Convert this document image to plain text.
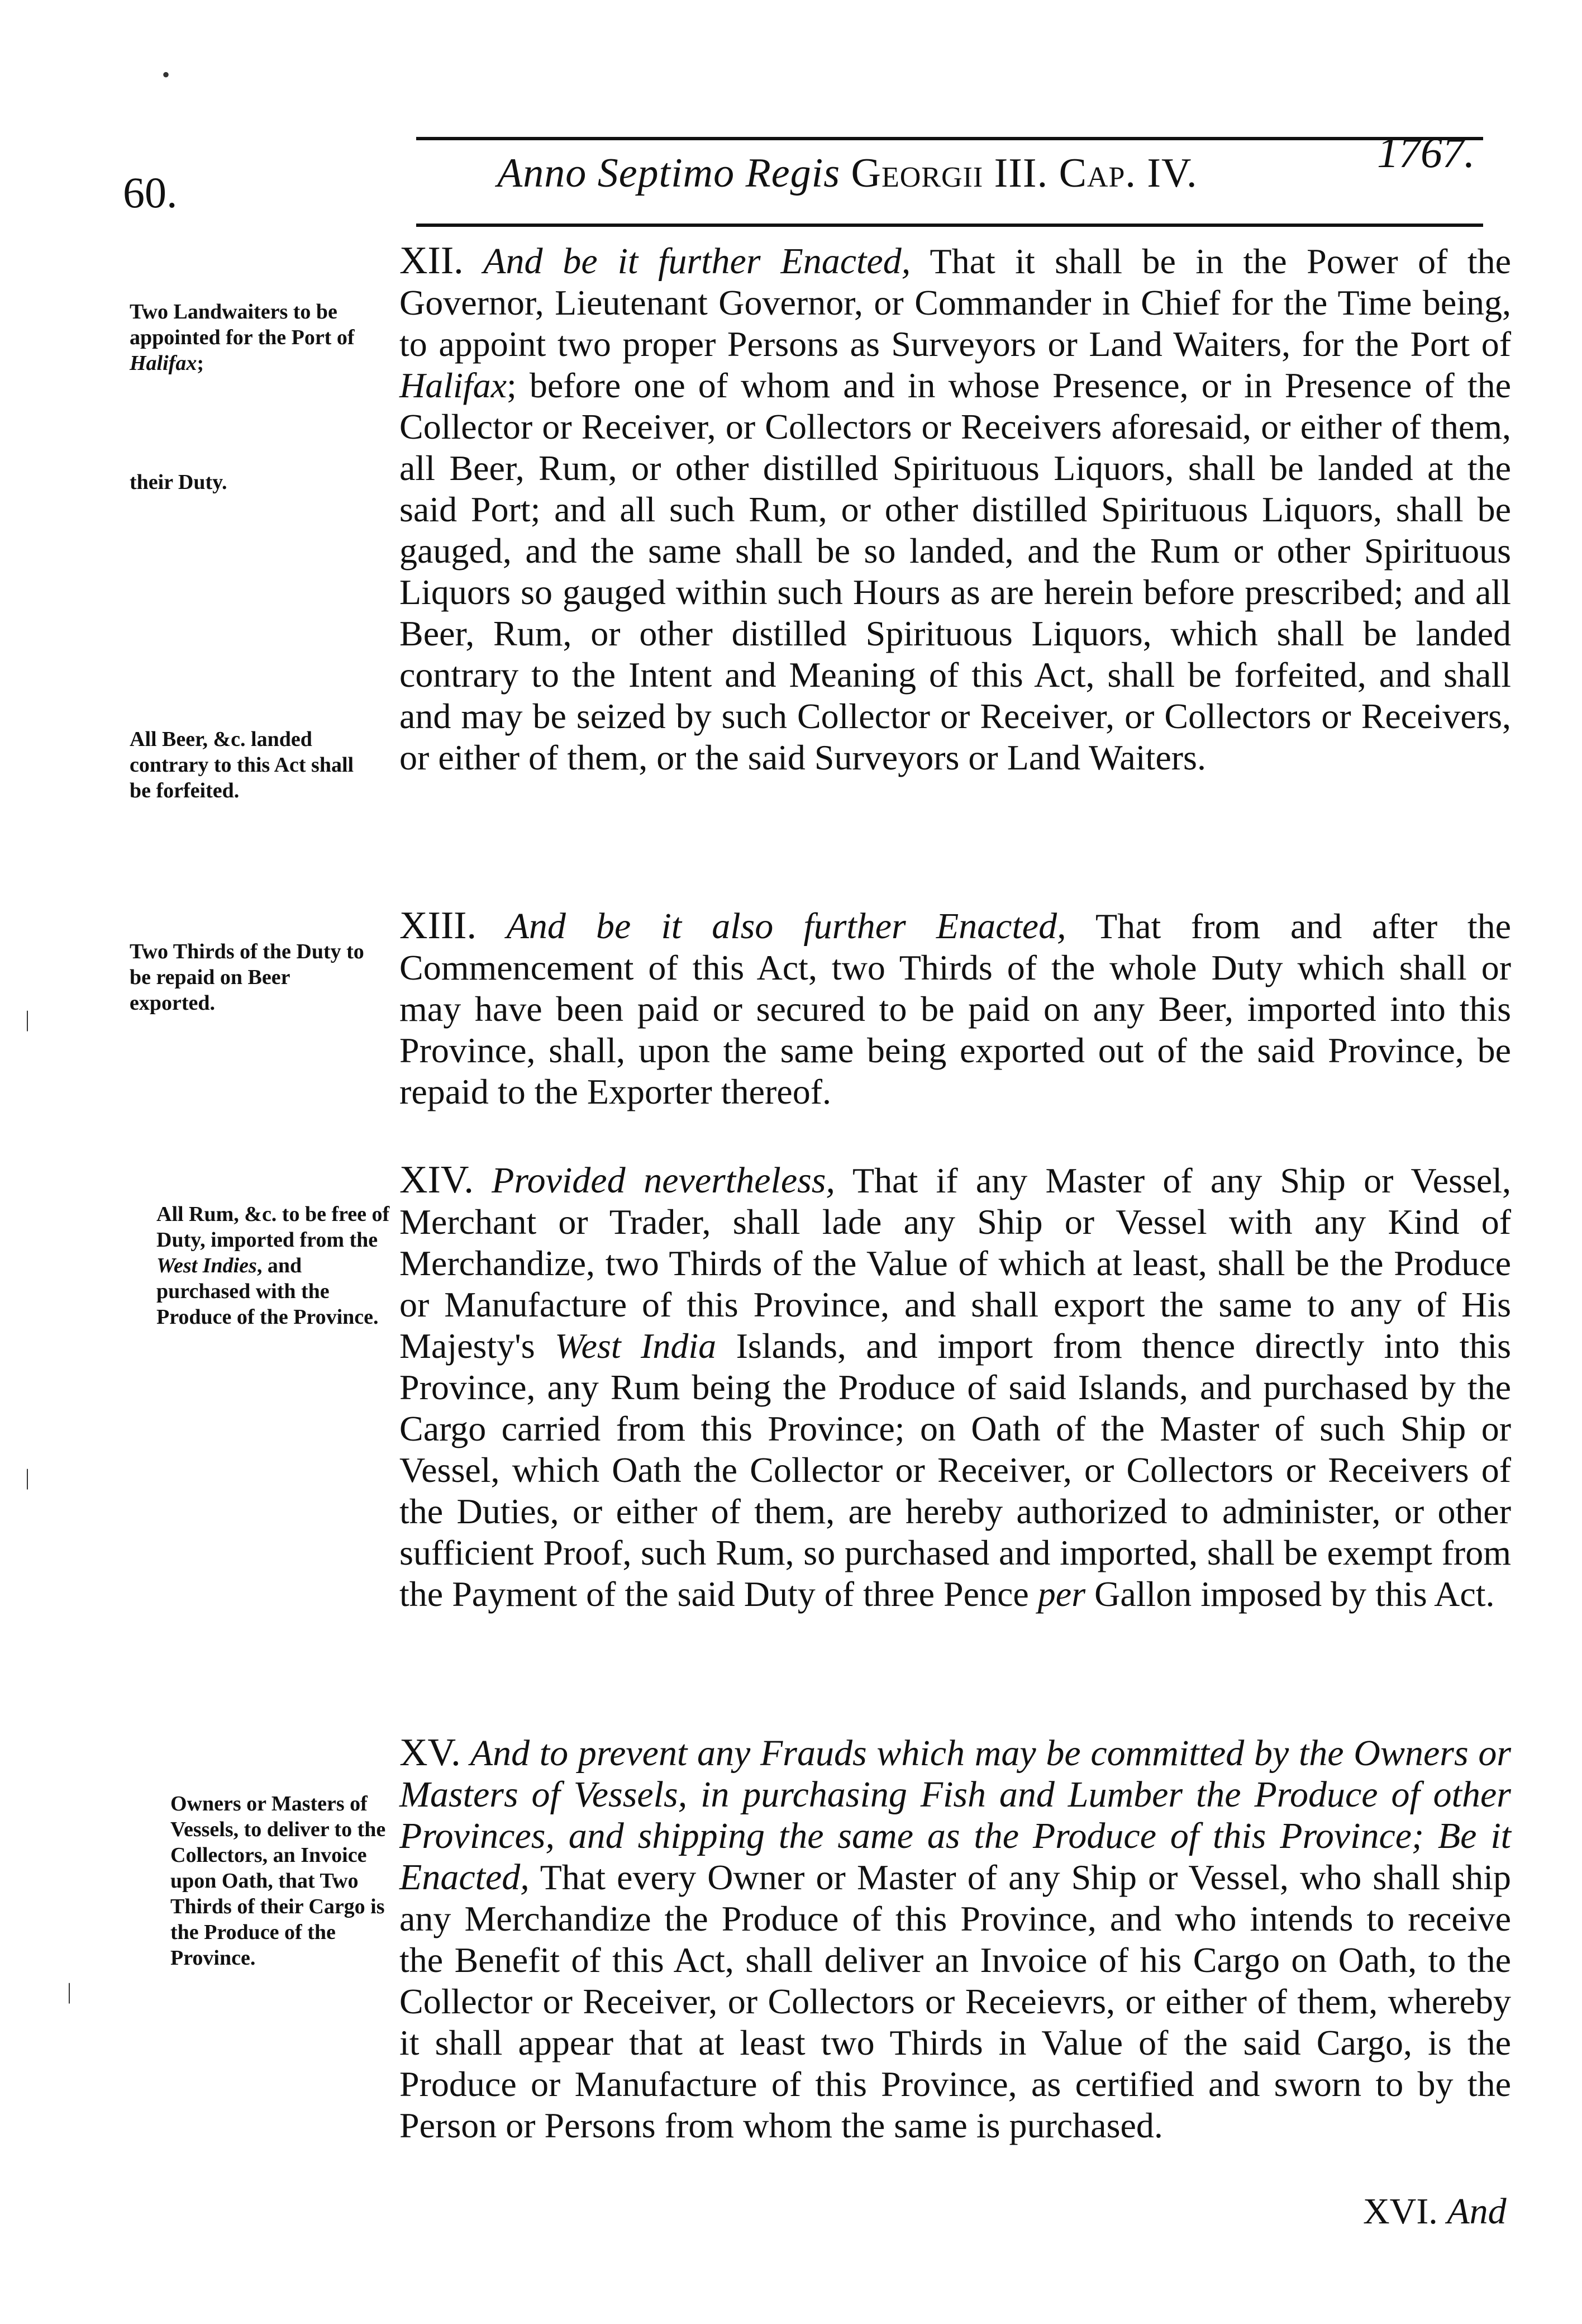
60.	Anno Septimo Regis Georgii III. Cap. IV.	1767.
•
|
|
|
Two Landwaiters to be appointed for the Port of Halifax;
their Duty.
All Beer, &c. landed contrary to this Act shall be forfeited.
Two Thirds of the Duty to be repaid on Beer exported.
All Rum, &c. to be free of Duty, imported from the West Indies, and purchased with the Produce of the Province.
Owners or Masters of Vessels, to deliver to the Collectors, an Invoice upon Oath, that Two Thirds of their Cargo is the Produce of the Province.
XII. And be it further Enacted, That it shall be in the Power of the Governor, Lieutenant Governor, or Commander in Chief for the Time being, to appoint two proper Persons as Surveyors or Land Waiters, for the Port of Halifax; before one of whom and in whose Presence, or in Presence of the Collector or Receiver, or Collectors or Receivers aforesaid, or either of them, all Beer, Rum, or other distilled Spirituous Liquors, shall be landed at the said Port; and all such Rum, or other distilled Spirituous Liquors, shall be gauged, and the same shall be so landed, and the Rum or other Spirituous Liquors so gauged within such Hours as are herein before prescribed; and all Beer, Rum, or other distilled Spirituous Liquors, which shall be landed contrary to the Intent and Meaning of this Act, shall be forfeited, and shall and may be seized by such Collector or Receiver, or Collectors or Receivers, or either of them, or the said Surveyors or Land Waiters.
XIII. And be it also further Enacted, That from and after the Commencement of this Act, two Thirds of the whole Duty which shall or may have been paid or secured to be paid on any Beer, imported into this Province, shall, upon the same being exported out of the said Province, be repaid to the Exporter thereof.
XIV. Provided nevertheless, That if any Master of any Ship or Vessel, Merchant or Trader, shall lade any Ship or Vessel with any Kind of Merchandize, two Thirds of the Value of which at least, shall be the Produce or Manufacture of this Province, and shall export the same to any of His Majesty's West India Islands, and import from thence directly into this Province, any Rum being the Produce of said Islands, and purchased by the Cargo carried from this Province; on Oath of the Master of such Ship or Vessel, which Oath the Collector or Receiver, or Collectors or Receivers of the Duties, or either of them, are hereby authorized to administer, or other sufficient Proof, such Rum, so purchased and imported, shall be exempt from the Payment of the said Duty of three Pence per Gallon imposed by this Act.
XV. And to prevent any Frauds which may be committed by the Owners or Masters of Vessels, in purchasing Fish and Lumber the Produce of other Provinces, and shipping the same as the Produce of this Province; Be it Enacted, That every Owner or Master of any Ship or Vessel, who shall ship any Merchandize the Produce of this Province, and who intends to receive the Benefit of this Act, shall deliver an Invoice of his Cargo on Oath, to the Collector or Receiver, or Collectors or Receievrs, or either of them, whereby it shall appear that at least two Thirds in Value of the said Cargo, is the Produce or Manufacture of this Province, as certified and sworn to by the Person or Persons from whom the same is purchased.
XVI. And
